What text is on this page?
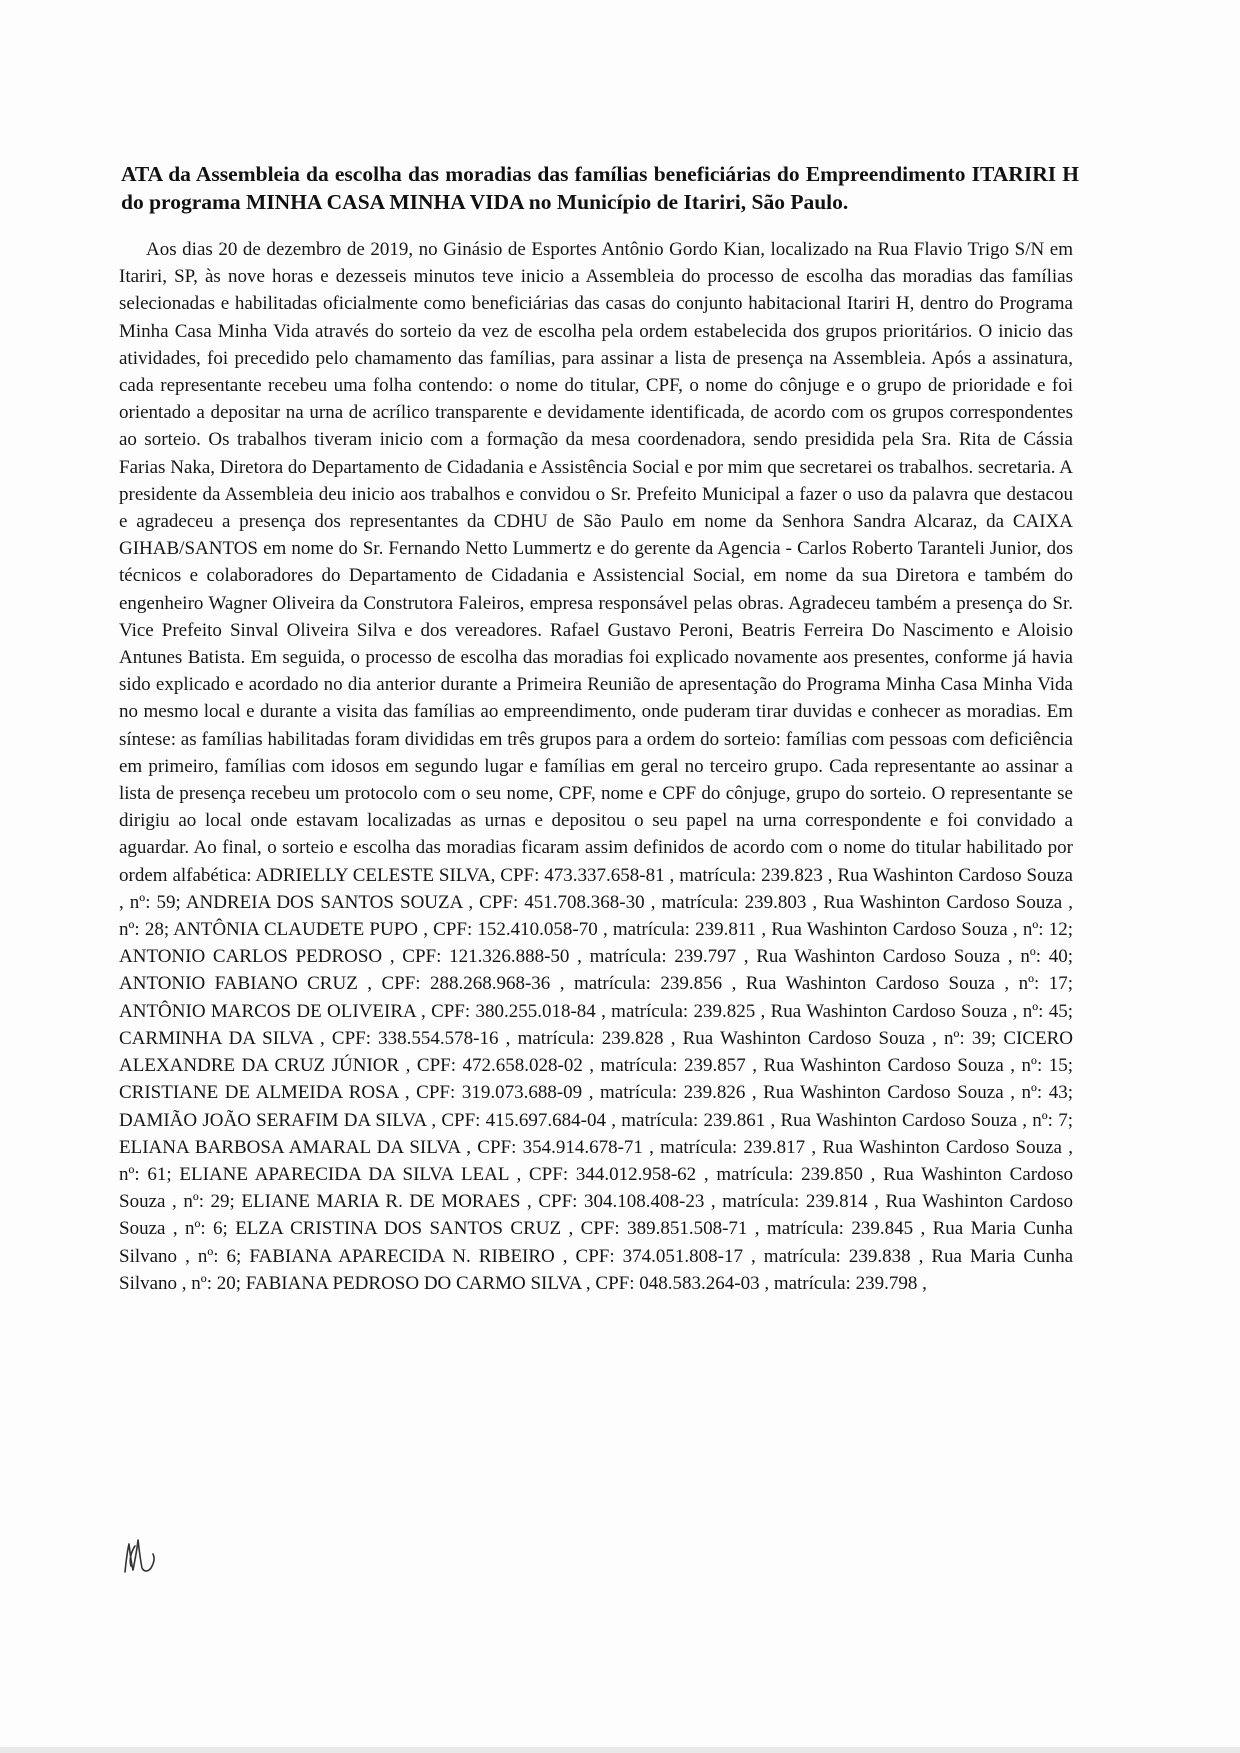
ATA da Assembleia da escolha das moradias das famílias beneficiárias do Empreendimento ITARIRI H do programa MINHA CASA MINHA VIDA no Município de Itariri, São Paulo.

Aos dias 20 de dezembro de 2019, no Ginásio de Esportes Antônio Gordo Kian, localizado na Rua Flavio Trigo S/N em Itariri, SP, às nove horas e dezesseis minutos teve inicio a Assembleia do processo de escolha das moradias das famílias selecionadas e habilitadas oficialmente como beneficiárias das casas do conjunto habitacional Itariri H, dentro do Programa Minha Casa Minha Vida através do sorteio da vez de escolha pela ordem estabelecida dos grupos prioritários. O inicio das atividades, foi precedido pelo chamamento das famílias, para assinar a lista de presença na Assembleia. Após a assinatura, cada representante recebeu uma folha contendo: o nome do titular, CPF, o nome do cônjuge e o grupo de prioridade e foi orientado a depositar na urna de acrílico transparente e devidamente identificada, de acordo com os grupos correspondentes ao sorteio. Os trabalhos tiveram inicio com a formação da mesa coordenadora, sendo presidida pela Sra. Rita de Cássia Farias Naka, Diretora do Departamento de Cidadania e Assistência Social e por mim que secretarei os trabalhos. secretaria. A presidente da Assembleia deu inicio aos trabalhos e convidou o Sr. Prefeito Municipal a fazer o uso da palavra que destacou e agradeceu a presença dos representantes da CDHU de São Paulo em nome da Senhora Sandra Alcaraz, da CAIXA GIHAB/SANTOS em nome do Sr. Fernando Netto Lummertz e do gerente da Agencia - Carlos Roberto Taranteli Junior, dos técnicos e colaboradores do Departamento de Cidadania e Assistencial Social, em nome da sua Diretora e também do engenheiro Wagner Oliveira da Construtora Faleiros, empresa responsável pelas obras. Agradeceu também a presença do Sr. Vice Prefeito Sinval Oliveira Silva e dos vereadores. Rafael Gustavo Peroni, Beatris Ferreira Do Nascimento e Aloisio Antunes Batista. Em seguida, o processo de escolha das moradias foi explicado novamente aos presentes, conforme já havia sido explicado e acordado no dia anterior durante a Primeira Reunião de apresentação do Programa Minha Casa Minha Vida no mesmo local e durante a visita das famílias ao empreendimento, onde puderam tirar duvidas e conhecer as moradias. Em síntese: as famílias habilitadas foram divididas em três grupos para a ordem do sorteio: famílias com pessoas com deficiência em primeiro, famílias com idosos em segundo lugar e famílias em geral no terceiro grupo. Cada representante ao assinar a lista de presença recebeu um protocolo com o seu nome, CPF, nome e CPF do cônjuge, grupo do sorteio. O representante se dirigiu ao local onde estavam localizadas as urnas e depositou o seu papel na urna correspondente e foi convidado a aguardar. Ao final, o sorteio e escolha das moradias ficaram assim definidos de acordo com o nome do titular habilitado por ordem alfabética: ADRIELLY CELESTE SILVA, CPF: 473.337.658-81 , matrícula: 239.823 , Rua Washinton Cardoso Souza , nº: 59; ANDREIA DOS SANTOS SOUZA , CPF: 451.708.368-30 , matrícula: 239.803 , Rua Washinton Cardoso Souza , nº: 28; ANTÔNIA CLAUDETE PUPO , CPF: 152.410.058-70 , matrícula: 239.811 , Rua Washinton Cardoso Souza , nº: 12; ANTONIO CARLOS PEDROSO , CPF: 121.326.888-50 , matrícula: 239.797 , Rua Washinton Cardoso Souza , nº: 40; ANTONIO FABIANO CRUZ , CPF: 288.268.968-36 , matrícula: 239.856 , Rua Washinton Cardoso Souza , nº: 17; ANTÔNIO MARCOS DE OLIVEIRA , CPF: 380.255.018-84 , matrícula: 239.825 , Rua Washinton Cardoso Souza , nº: 45; CARMINHA DA SILVA , CPF: 338.554.578-16 , matrícula: 239.828 , Rua Washinton Cardoso Souza , nº: 39; CICERO ALEXANDRE DA CRUZ JÚNIOR , CPF: 472.658.028-02 , matrícula: 239.857 , Rua Washinton Cardoso Souza , nº: 15; CRISTIANE DE ALMEIDA ROSA , CPF: 319.073.688-09 , matrícula: 239.826 , Rua Washinton Cardoso Souza , nº: 43; DAMIÃO JOÃO SERAFIM DA SILVA , CPF: 415.697.684-04 , matrícula: 239.861 , Rua Washinton Cardoso Souza , nº: 7; ELIANA BARBOSA AMARAL DA SILVA , CPF: 354.914.678-71 , matrícula: 239.817 , Rua Washinton Cardoso Souza , nº: 61; ELIANE APARECIDA DA SILVA LEAL , CPF: 344.012.958-62 , matrícula: 239.850 , Rua Washinton Cardoso Souza , nº: 29; ELIANE MARIA R. DE MORAES , CPF: 304.108.408-23 , matrícula: 239.814 , Rua Washinton Cardoso Souza , nº: 6; ELZA CRISTINA DOS SANTOS CRUZ , CPF: 389.851.508-71 , matrícula: 239.845 , Rua Maria Cunha Silvano , nº: 6; FABIANA APARECIDA N. RIBEIRO , CPF: 374.051.808-17 , matrícula: 239.838 , Rua Maria Cunha Silvano , nº: 20; FABIANA PEDROSO DO CARMO SILVA , CPF: 048.583.264-03 , matrícula: 239.798 ,
